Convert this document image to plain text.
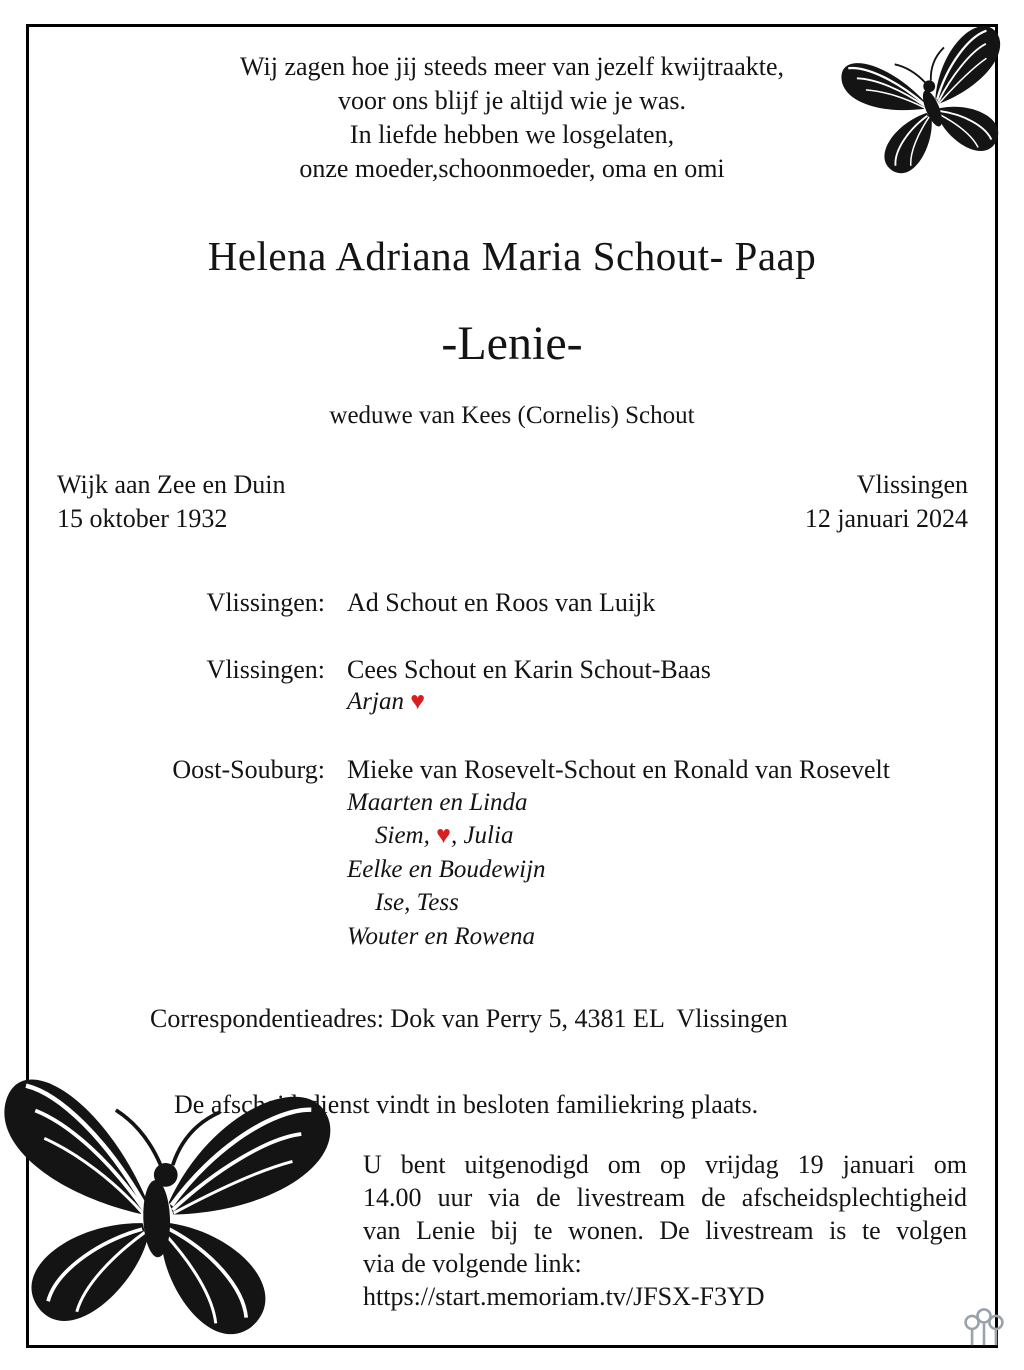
Wij zagen hoe jij steeds meer van jezelf kwijtraakte,
voor ons blijf je altijd wie je was.
In liefde hebben we losgelaten,
onze moeder,schoonmoeder, oma en omi
Helena Adriana Maria Schout- Paap
-Lenie-
weduwe van Kees (Cornelis) Schout
Wijk aan Zee en Duin
15 oktober 1932
Vlissingen
12 januari 2024
Vlissingen: Ad Schout en Roos van Luijk
Vlissingen: Cees Schout en Karin Schout-Baas
Arjan ♥
Oost-Souburg: Mieke van Rosevelt-Schout en Ronald van Rosevelt
Maarten en Linda
Siem, ♥, Julia
Eelke en Boudewijn
Ise, Tess
Wouter en Rowena
Correspondentieadres: Dok van Perry 5, 4381 EL  Vlissingen
De afscheidsdienst vindt in besloten familiekring plaats.
U bent uitgenodigd om op vrijdag 19 januari om
14.00 uur via de livestream de afscheidsplechtigheid
van Lenie bij te wonen. De livestream is te volgen
via de volgende link:
https://start.memoriam.tv/JFSX-F3YD
